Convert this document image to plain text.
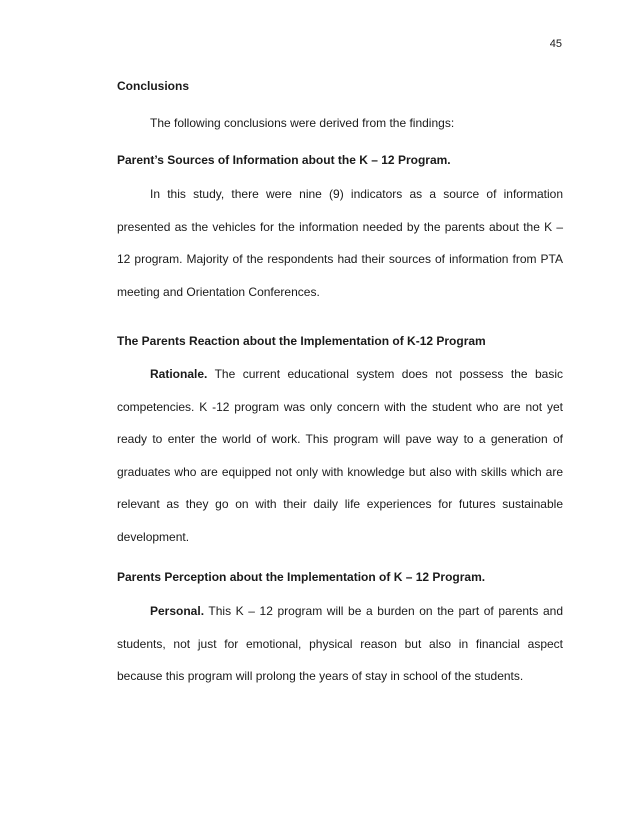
45
Conclusions
The following conclusions were derived from the findings:
Parent’s Sources of Information about the K – 12 Program.

In this study, there were nine (9) indicators as a source of information presented as the vehicles for the information needed by the parents about the K – 12 program. Majority of the respondents had their sources of information from PTA meeting and Orientation Conferences.

The Parents Reaction about the Implementation of K-12 Program

Rationale. The current educational system does not possess the basic competencies. K -12 program was only concern with the student who are not yet ready to enter the world of work. This program will pave way to a generation of graduates who are equipped not only with knowledge but also with skills which are relevant as they go on with their daily life experiences for futures sustainable development.

Parents Perception about the Implementation of K – 12 Program.

Personal. This K – 12 program will be a burden on the part of parents and students, not just for emotional, physical reason but also in financial aspect because this program will prolong the years of stay in school of the students.
